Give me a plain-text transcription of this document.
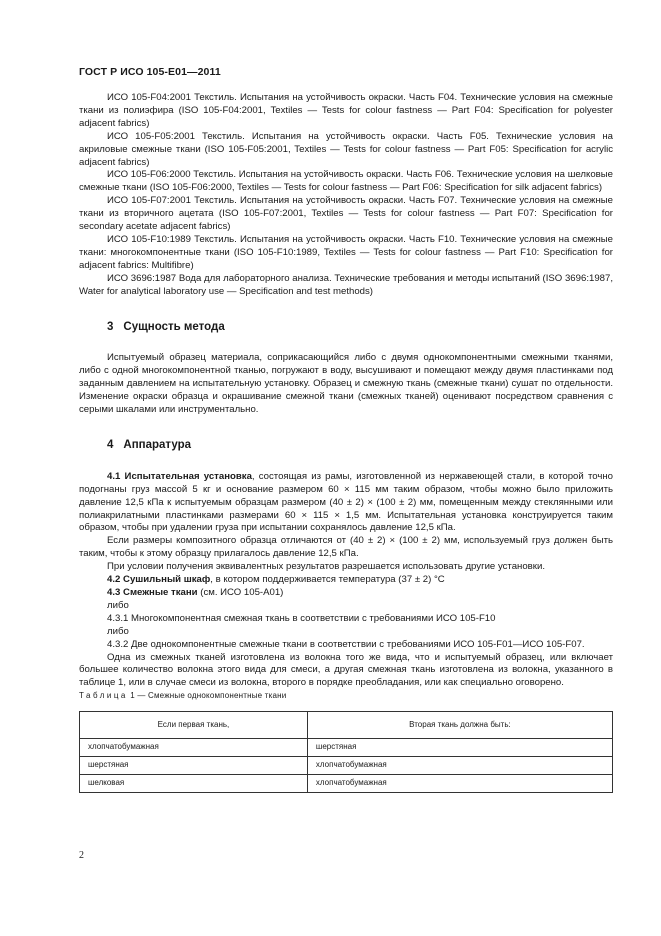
ГОСТ Р ИСО 105-Е01—2011

ИСО 105-F04:2001 Текстиль. Испытания на устойчивость окраски. Часть F04. Технические условия на смежные ткани из полиэфира (ISO 105-F04:2001, Textiles — Tests for colour fastness — Part F04: Specification for polyester adjacent fabrics)

ИСО 105-F05:2001 Текстиль. Испытания на устойчивость окраски. Часть F05. Технические условия на акриловые смежные ткани (ISO 105-F05:2001, Textiles — Tests for colour fastness — Part F05: Specification for acrylic adjacent fabrics)

ИСО 105-F06:2000 Текстиль. Испытания на устойчивость окраски. Часть F06. Технические условия на шелковые смежные ткани (ISO 105-F06:2000, Textiles — Tests for colour fastness — Part F06: Specification for silk adjacent fabrics)

ИСО 105-F07:2001 Текстиль. Испытания на устойчивость окраски. Часть F07. Технические условия на смежные ткани из вторичного ацетата (ISO 105-F07:2001, Textiles — Tests for colour fastness — Part F07: Specification for secondary acetate adjacent fabrics)

ИСО 105-F10:1989 Текстиль. Испытания на устойчивость окраски. Часть F10. Технические условия на смежные ткани: многокомпонентные ткани (ISO 105-F10:1989, Textiles — Tests for colour fastness — Part F10: Specification for adjacent fabrics: Multifibre)

ИСО 3696:1987 Вода для лабораторного анализа. Технические требования и методы испытаний (ISO 3696:1987, Water for analytical laboratory use — Specification and test methods)

3 Сущность метода

Испытуемый образец материала, соприкасающийся либо с двумя однокомпонентными смежными тканями, либо с одной многокомпонентной тканью, погружают в воду, высушивают и помещают между двумя пластинками под заданным давлением на испытательную установку. Образец и смежную ткань (смежные ткани) сушат по отдельности. Изменение окраски образца и окрашивание смежной ткани (смежных тканей) оценивают посредством сравнения с серыми шкалами или инструментально.

4 Аппаратура

4.1 Испытательная установка, состоящая из рамы, изготовленной из нержавеющей стали, в которой точно подогнаны груз массой 5 кг и основание размером 60 × 115 мм таким образом, чтобы можно было приложить давление 12,5 кПа к испытуемым образцам размером (40 ± 2) × (100 ± 2) мм, помещенным между стеклянными или полиакрилатными пластинками размерами 60 × 115 × 1,5 мм. Испытательная установка конструируется таким образом, чтобы при удалении груза при испытании сохранялось давление 12,5 кПа.

Если размеры композитного образца отличаются от (40 ± 2) × (100 ± 2) мм, используемый груз должен быть таким, чтобы к этому образцу прилагалось давление 12,5 кПа.

При условии получения эквивалентных результатов разрешается использовать другие установки.

4.2 Сушильный шкаф, в котором поддерживается температура (37 ± 2) °С

4.3 Смежные ткани (см. ИСО 105-А01)

либо

4.3.1 Многокомпонентная смежная ткань в соответствии с требованиями ИСО 105-F10

либо

4.3.2 Две однокомпонентные смежные ткани в соответствии с требованиями ИСО 105-F01—ИСО 105-F07.

Одна из смежных тканей изготовлена из волокна того же вида, что и испытуемый образец, или включает большее количество волокна этого вида для смеси, а другая смежная ткань изготовлена из волокна, указанного в таблице 1, или в случае смеси из волокна, второго в порядке преобладания, или как специально оговорено.

Таблица 1 — Смежные однокомпонентные ткани

Если первая ткань,	Вторая ткань должна быть:
хлопчатобумажная	шерстяная
шерстяная	хлопчатобумажная
шелковая	хлопчатобумажная
2
